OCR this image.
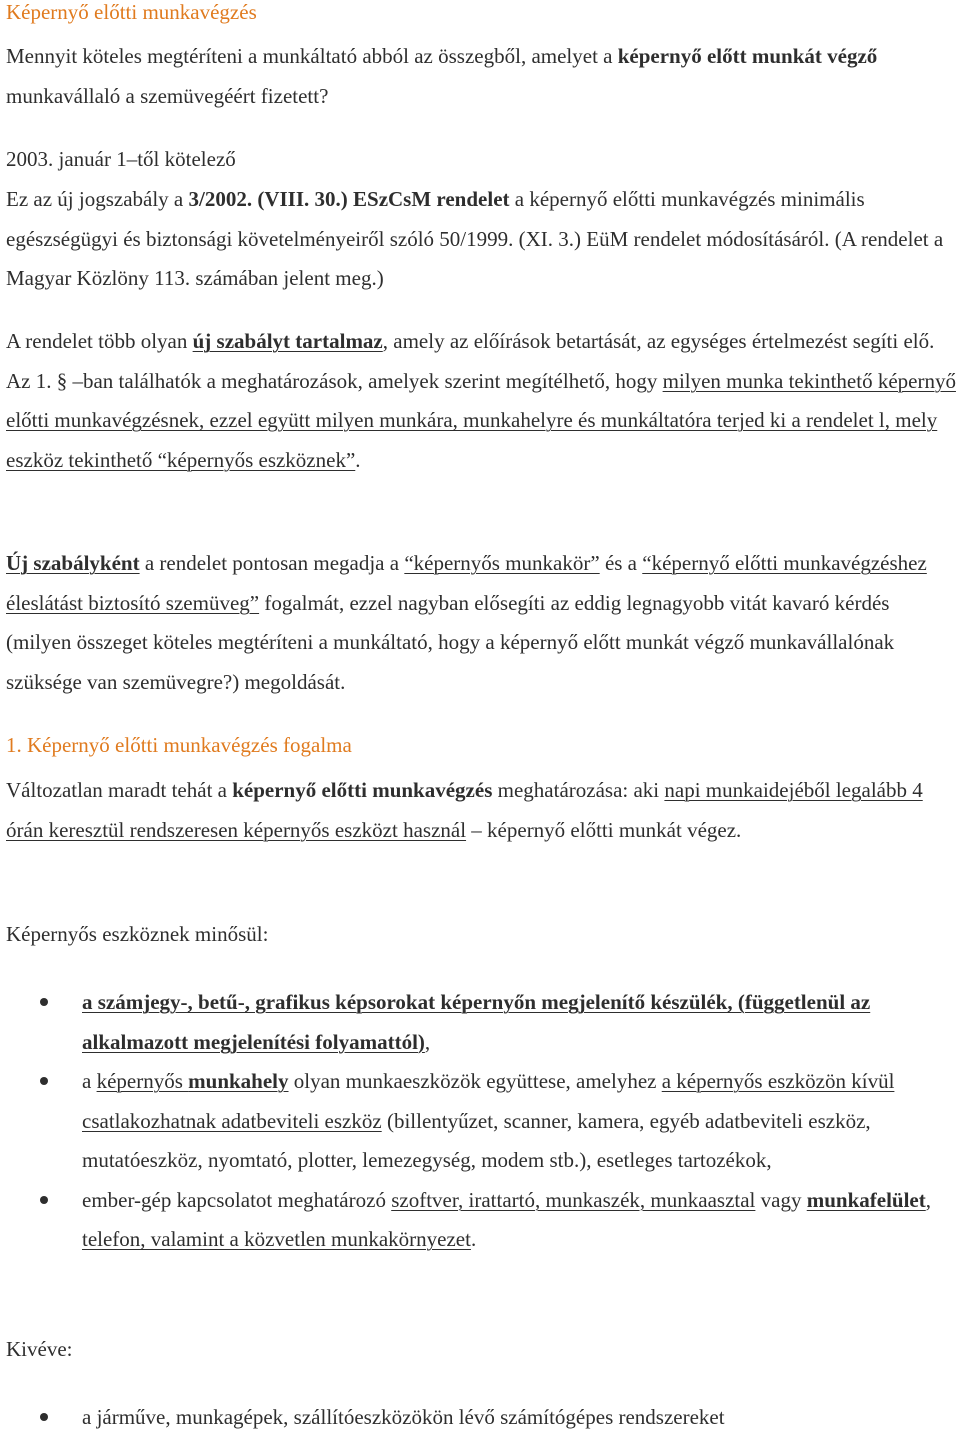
Képernyő előtti munkavégzés

Mennyit köteles megtéríteni a munkáltató abból az összegből, amelyet a képernyő előtt munkát végző munkavállaló a szemüvegéért fizetett?

2003. január 1–től kötelező

Ez az új jogszabály a 3/2002. (VIII. 30.) ESzCsM rendelet a képernyő előtti munkavégzés minimális egészségügyi és biztonsági követelményeiről szóló 50/1999. (XI. 3.) EüM rendelet módosításáról. (A rendelet a Magyar Közlöny 113. számában jelent meg.)

A rendelet több olyan új szabályt tartalmaz, amely az előírások betartását, az egységes értelmezést segíti elő. Az 1. § –ban találhatók a meghatározások, amelyek szerint megítélhető, hogy milyen munka tekinthető képernyő előtti munkavégzésnek, ezzel együtt milyen munkára, munkahelyre és munkáltatóra terjed ki a rendelet l, mely eszköz tekinthető “képernyős eszköznek”.

Új szabályként a rendelet pontosan megadja a “képernyős munkakör” és a “képernyő előtti munkavégzéshez éleslátást biztosító szemüveg” fogalmát, ezzel nagyban elősegíti az eddig legnagyobb vitát kavaró kérdés (milyen összeget köteles megtéríteni a munkáltató, hogy a képernyő előtt munkát végző munkavállalónak szüksége van szemüvegre?) megoldását.

1. Képernyő előtti munkavégzés fogalma

Változatlan maradt tehát a képernyő előtti munkavégzés meghatározása: aki napi munkaidejéből legalább 4 órán keresztül rendszeresen képernyős eszközt használ – képernyő előtti munkát végez.

Képernyős eszköznek minősül:

a számjegy-, betű-, grafikus képsorokat képernyőn megjelenítő készülék, (függetlenül az alkalmazott megjelenítési folyamattól),
a képernyős munkahely olyan munkaeszközök együttese, amelyhez a képernyős eszközön kívül csatlakozhatnak adatbeviteli eszköz (billentyűzet, scanner, kamera, egyéb adatbeviteli eszköz, mutatóeszköz, nyomtató, plotter, lemezegység, modem stb.), esetleges tartozékok,
ember-gép kapcsolatot meghatározó szoftver, irattartó, munkaszék, munkaasztal vagy munkafelület, telefon, valamint a közvetlen munkakörnyezet.

Kivéve:

a járműve, munkagépek, szállítóeszközökön lévő számítógépes rendszereket
